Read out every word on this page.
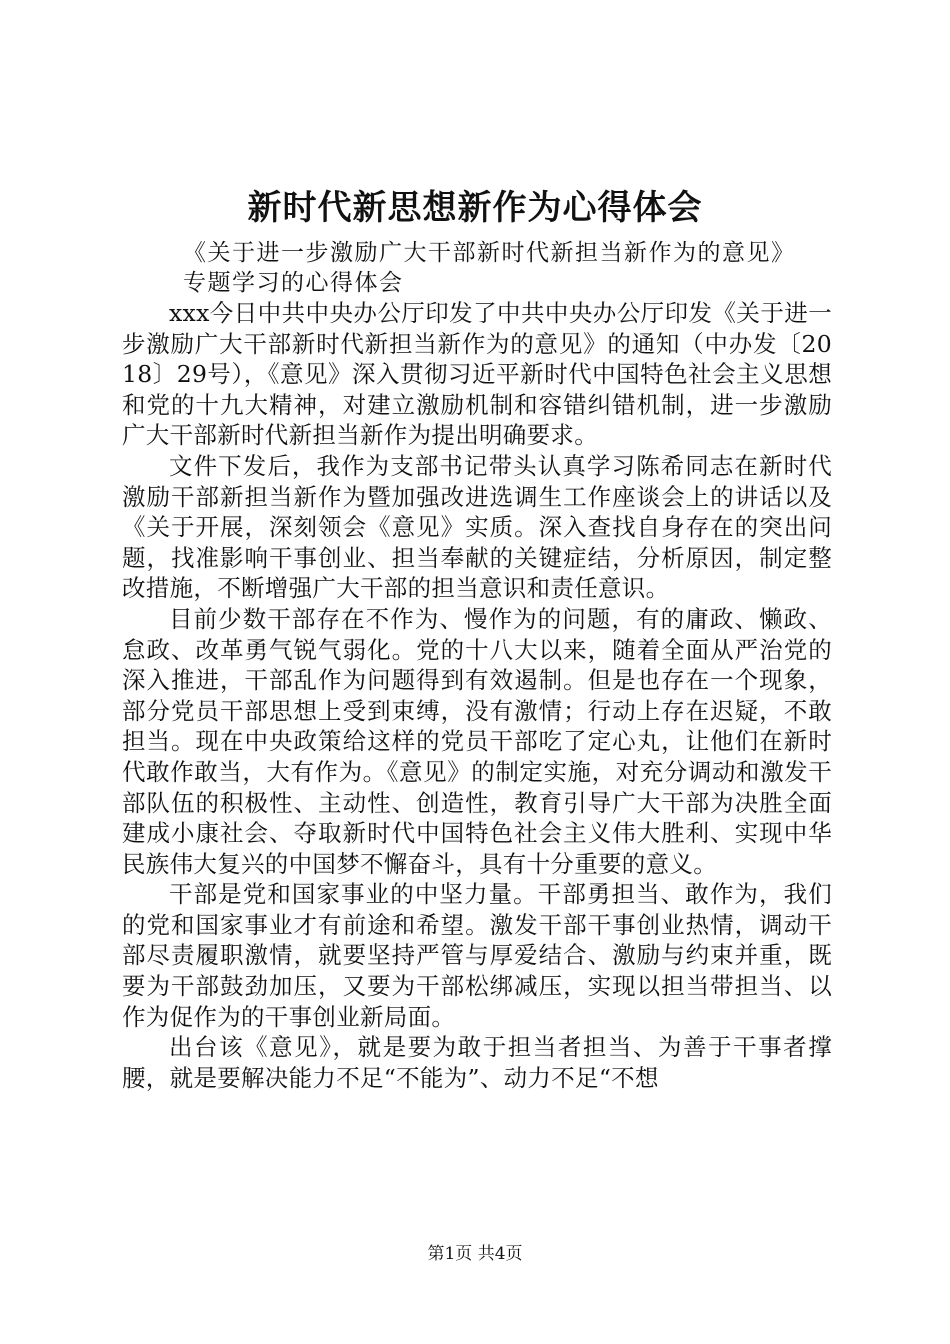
新时代新思想新作为心得体会
《关于进一步激励广大干部新时代新担当新作为的意见》
专题学习的心得体会

xxx今日中共中央办公厅印发了中共中央办公厅印发《关于进一步激励广大干部新时代新担当新作为的意见》的通知（中办发〔2018〕29号），《意见》深入贯彻习近平新时代中国特色社会主义思想和党的十九大精神，对建立激励机制和容错纠错机制，进一步激励广大干部新时代新担当新作为提出明确要求。

文件下发后，我作为支部书记带头认真学习陈希同志在新时代激励干部新担当新作为暨加强改进选调生工作座谈会上的讲话以及《关于开展，深刻领会《意见》实质。深入查找自身存在的突出问题，找准影响干事创业、担当奉献的关键症结，分析原因，制定整改措施，不断增强广大干部的担当意识和责任意识。

目前少数干部存在不作为、慢作为的问题，有的庸政、懒政、怠政、改革勇气锐气弱化。党的十八大以来，随着全面从严治党的深入推进，干部乱作为问题得到有效遏制。但是也存在一个现象，部分党员干部思想上受到束缚，没有激情；行动上存在迟疑，不敢担当。现在中央政策给这样的党员干部吃了定心丸，让他们在新时代敢作敢当，大有作为。《意见》的制定实施，对充分调动和激发干部队伍的积极性、主动性、创造性，教育引导广大干部为决胜全面建成小康社会、夺取新时代中国特色社会主义伟大胜利、实现中华民族伟大复兴的中国梦不懈奋斗，具有十分重要的意义。

干部是党和国家事业的中坚力量。干部勇担当、敢作为，我们的党和国家事业才有前途和希望。激发干部干事创业热情，调动干部尽责履职激情，就要坚持严管与厚爱结合、激励与约束并重，既要为干部鼓劲加压，又要为干部松绑减压，实现以担当带担当、以作为促作为的干事创业新局面。

出台该《意见》，就是要为敢于担当者担当、为善于干事者撑腰，就是要解决能力不足“不能为”、动力不足“不想

第1页 共4页
